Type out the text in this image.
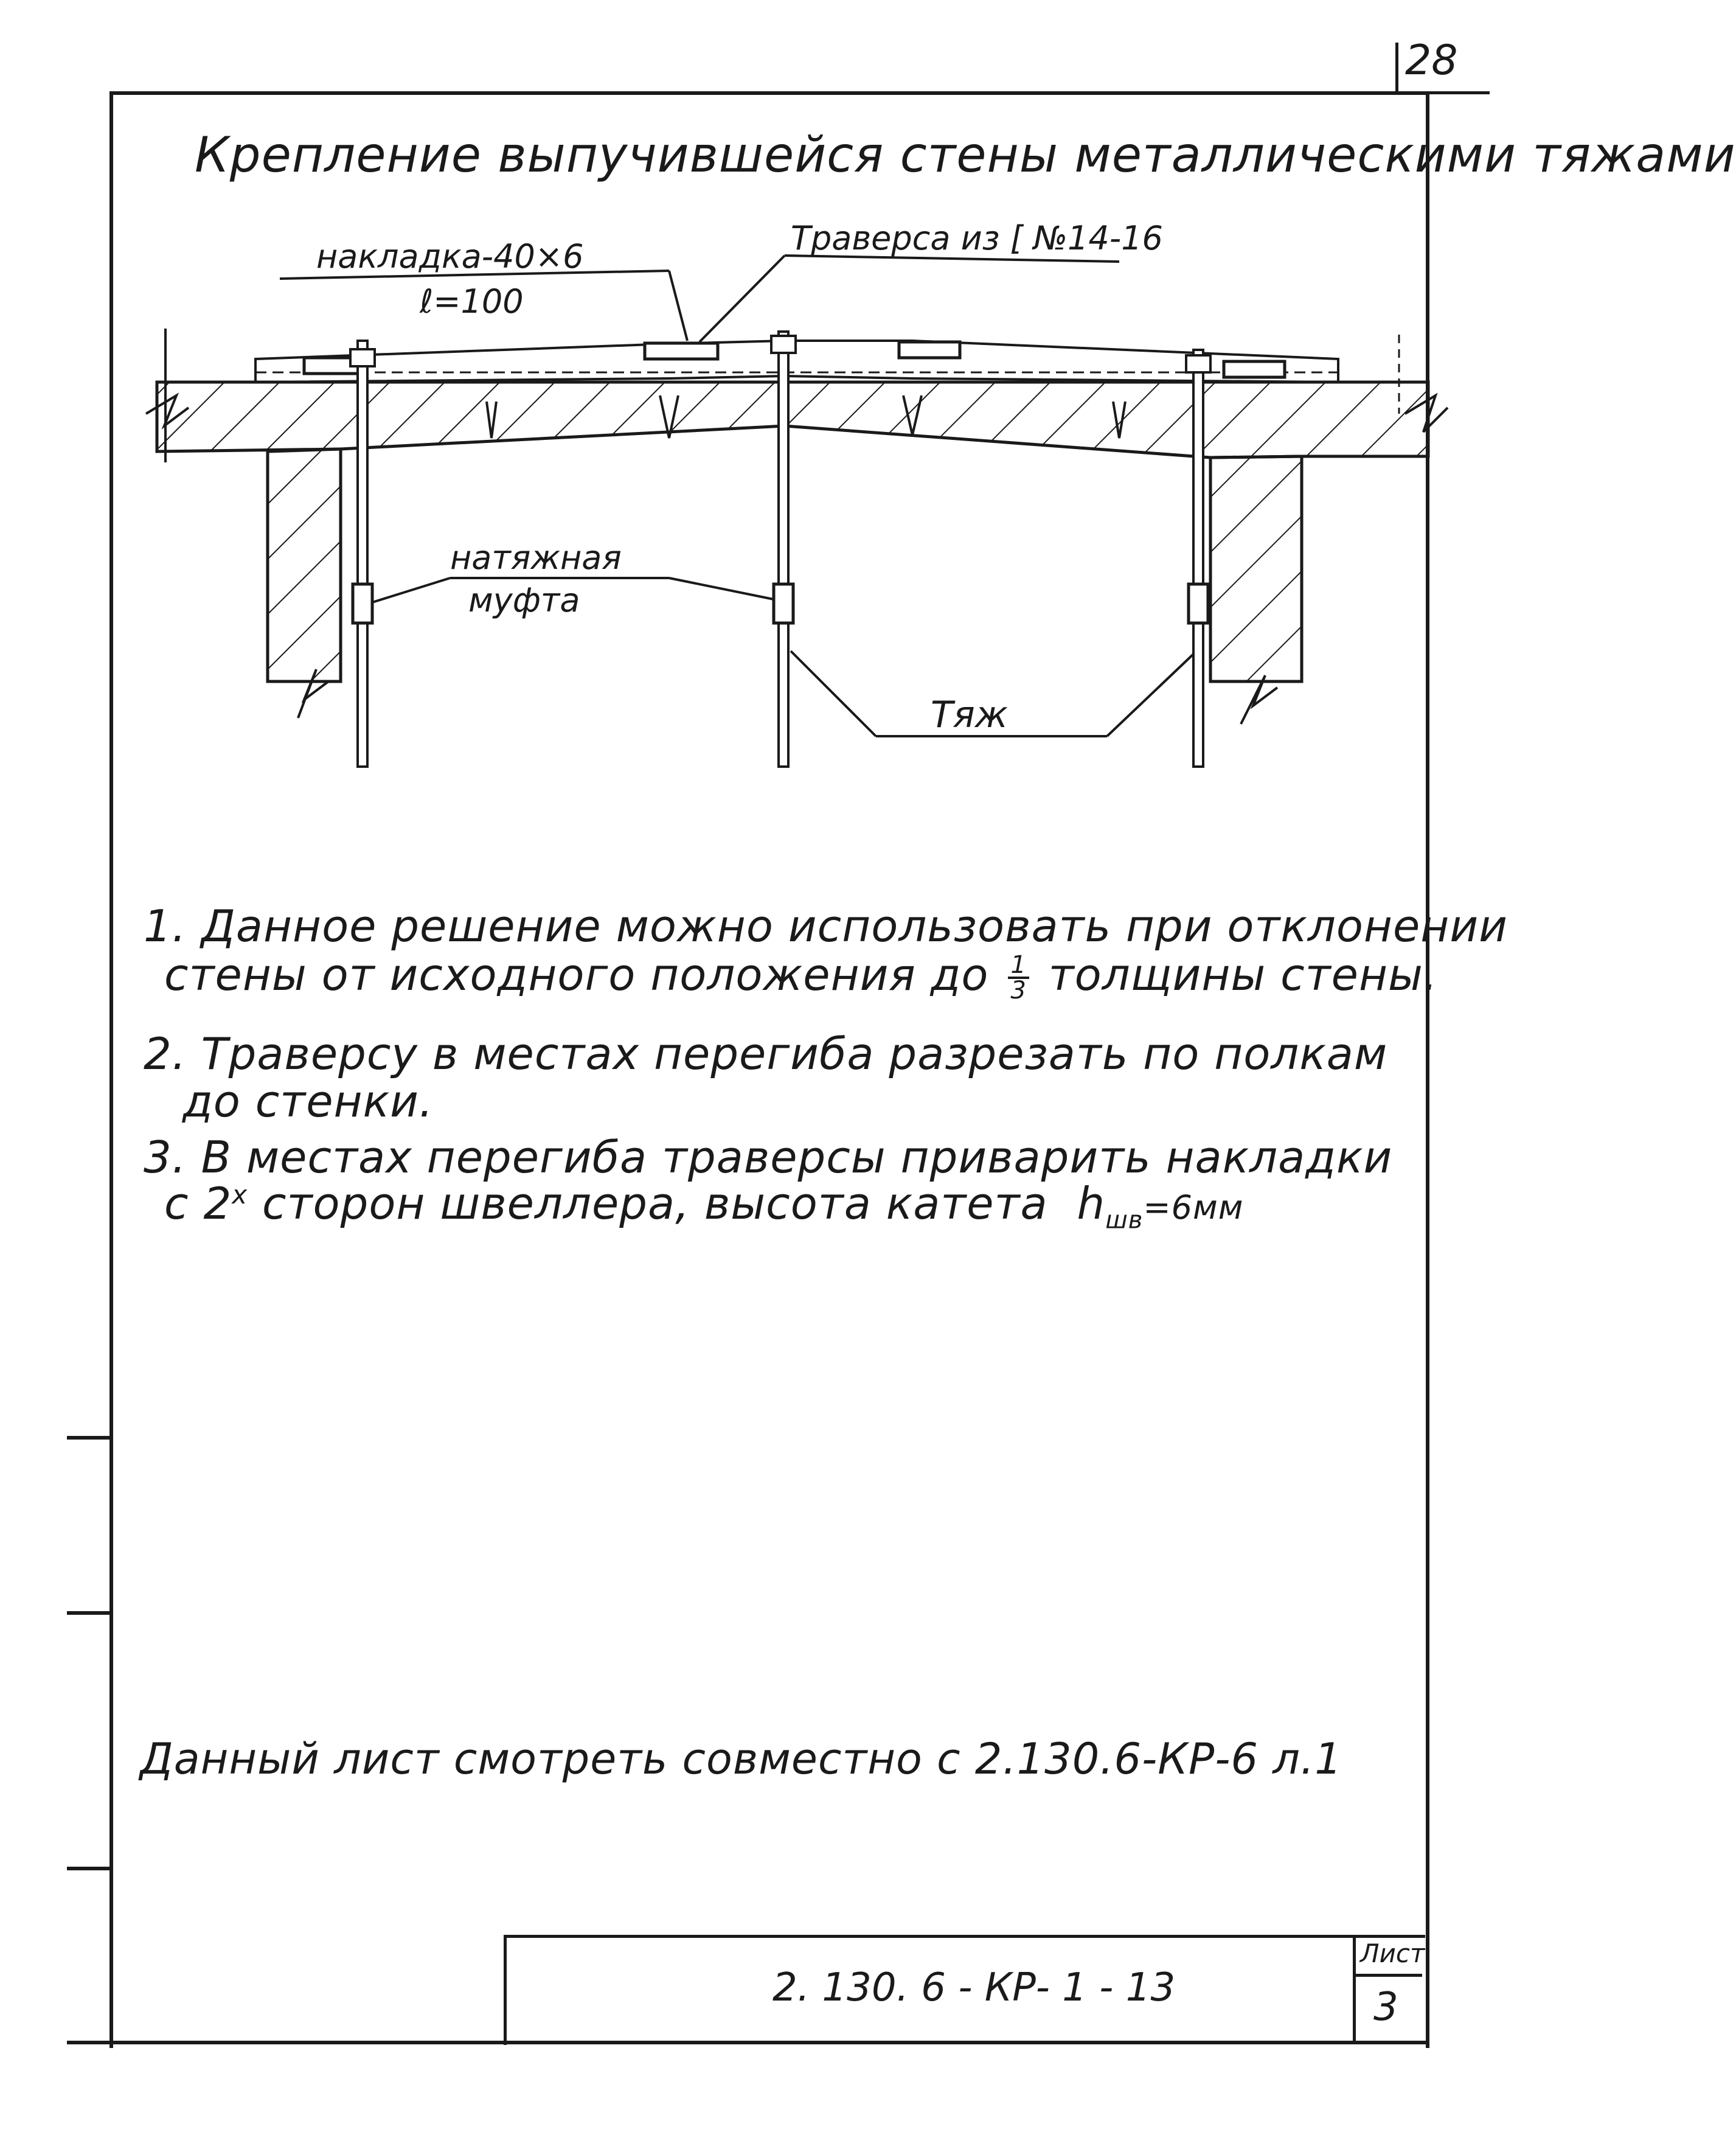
28
Крепление выпучившейся стены металлическими тяжами
накладка-40×6
ℓ=100
Траверса из [ №14-16
натяжная
муфта
Тяж
1. Данное решение можно использовать при отклонении
стены от исходного положения до $\frac{1}{3}$ толщины стены.
2. Траверсу в местах перегиба разрезать по полкам
до стенки.
3. В местах перегиба траверсы приварить накладки
с $2^х$ сторон швеллера, высота катета $h_{шв}=6мм$
Данный лист смотреть совместно с 2.130.6-КР-6 л.1
2. 130. 6 - КР- 1 - 13
Лист
3
